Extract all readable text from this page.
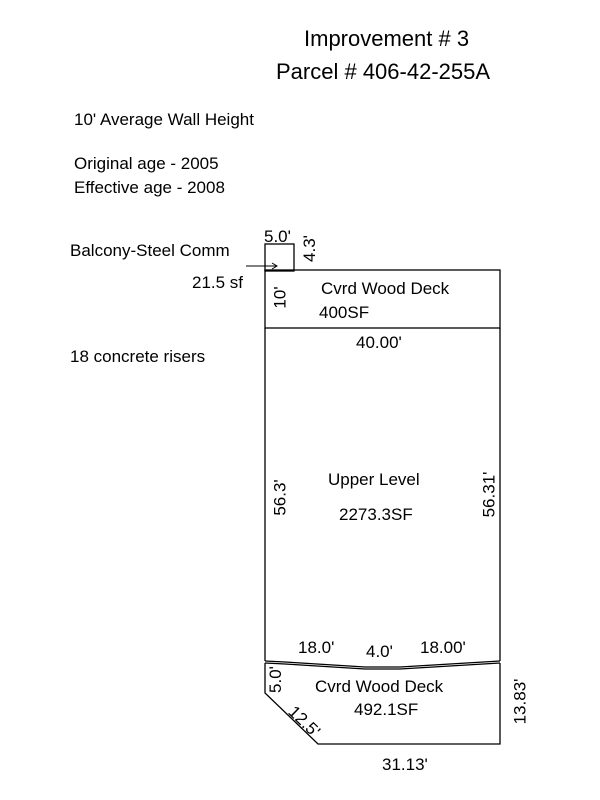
Improvement # 3
Parcel # 406-42-255A
10' Average Wall Height
Original age - 2005
Effective age - 2008
18 concrete risers
Balcony-Steel Comm
21.5 sf
5.0' 4.3'
Cvrd Wood Deck
400SF
10'
40.00'
Upper Level
2273.3SF
56.3'	56.31'
18.0' 4.0' 18.00'
Cvrd Wood Deck
492.1SF
5.0'
12.5'
31.13'
13.83'
